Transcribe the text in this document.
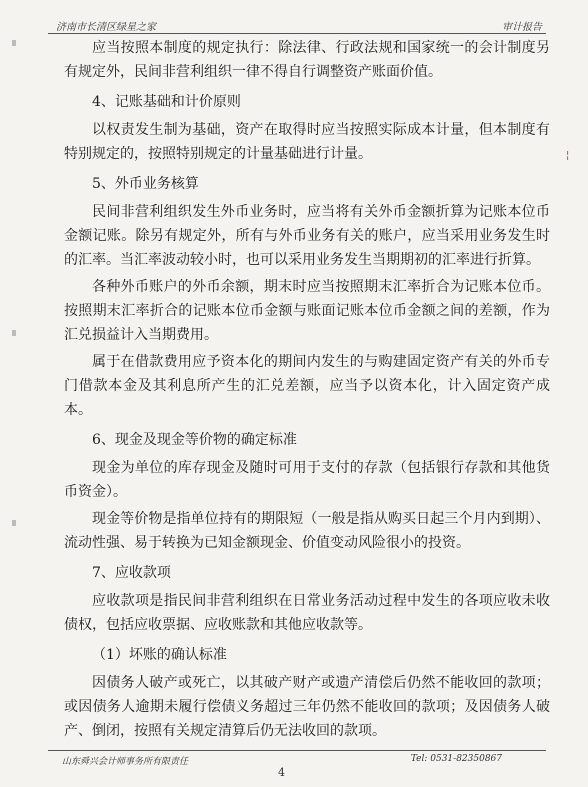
¦
济南市长清区绿星之家	审计报告

应当按照本制度的规定执行：除法律、行政法规和国家统一的会计制度另有规定外，民间非营利组织一律不得自行调整资产账面价值。

4、记账基础和计价原则

以权责发生制为基础，资产在取得时应当按照实际成本计量，但本制度有特别规定的，按照特别规定的计量基础进行计量。

5、外币业务核算

民间非营利组织发生外币业务时，应当将有关外币金额折算为记账本位币金额记账。除另有规定外，所有与外币业务有关的账户，应当采用业务发生时的汇率。当汇率波动较小时，也可以采用业务发生当期期初的汇率进行折算。

各种外币账户的外币余额，期末时应当按照期末汇率折合为记账本位币。按照期末汇率折合的记账本位币金额与账面记账本位币金额之间的差额，作为汇兑损益计入当期费用。

属于在借款费用应予资本化的期间内发生的与购建固定资产有关的外币专门借款本金及其利息所产生的汇兑差额，应当予以资本化，计入固定资产成本。

6、现金及现金等价物的确定标准

现金为单位的库存现金及随时可用于支付的存款（包括银行存款和其他货币资金）。

现金等价物是指单位持有的期限短（一般是指从购买日起三个月内到期）、流动性强、易于转换为已知金额现金、价值变动风险很小的投资。

7、应收款项

应收款项是指民间非营利组织在日常业务活动过程中发生的各项应收未收债权，包括应收票据、应收账款和其他应收款等。

（1）坏账的确认标准

因债务人破产或死亡，以其破产财产或遗产清偿后仍然不能收回的款项；或因债务人逾期未履行偿债义务超过三年仍然不能收回的款项；及因债务人破产、倒闭，按照有关规定清算后仍无法收回的款项。

山东舜兴会计师事务所有限责任	Tel: 0531-82350867
4
